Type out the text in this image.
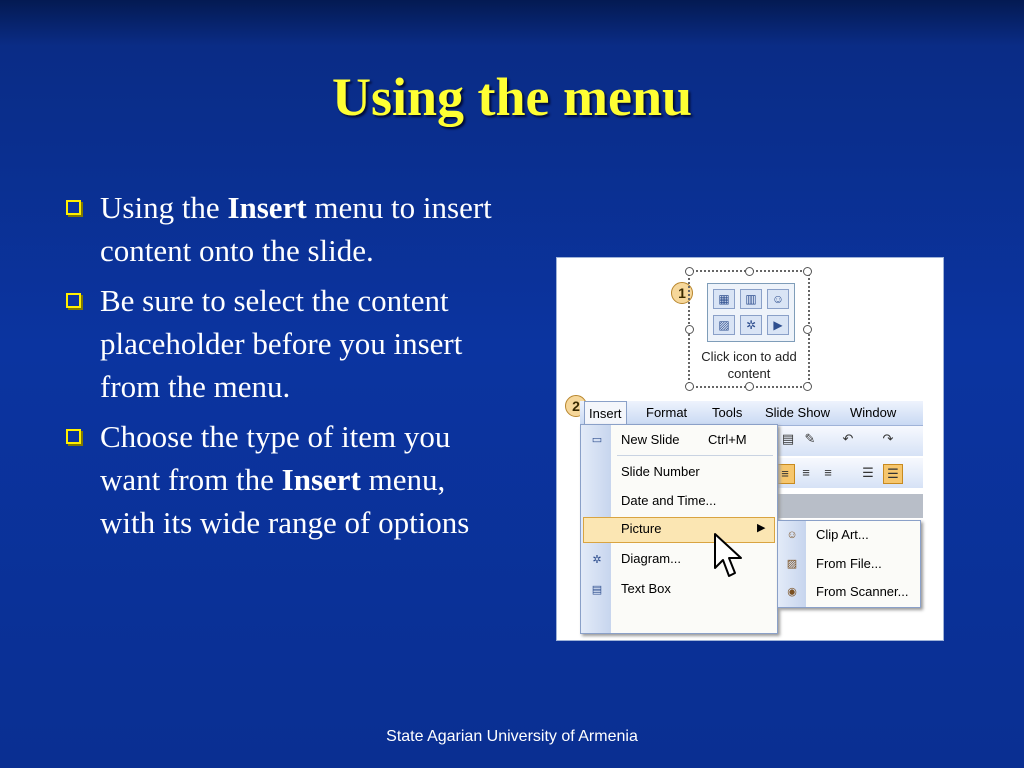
Using the menu
Using the Insert menu to insert content onto the slide.
Be sure to select the content placeholder before you insert from the menu.
Choose the type of item you want from the Insert menu, with its wide range of options
1	▦	▥	☺
▨	✲	▶
Click icon to add content
2 Insert	Format Tools Slide Show Window
▤ ✎ ↶ ↷
≡	≡	≡	☰	☰
▭ New Slide Ctrl+M
Slide Number
Date and Time...
Picture	▶
✲ Diagram...
▤ Text Box
☺ Clip Art...
▨ From File...
◉ From Scanner...
State Agarian University of Armenia
